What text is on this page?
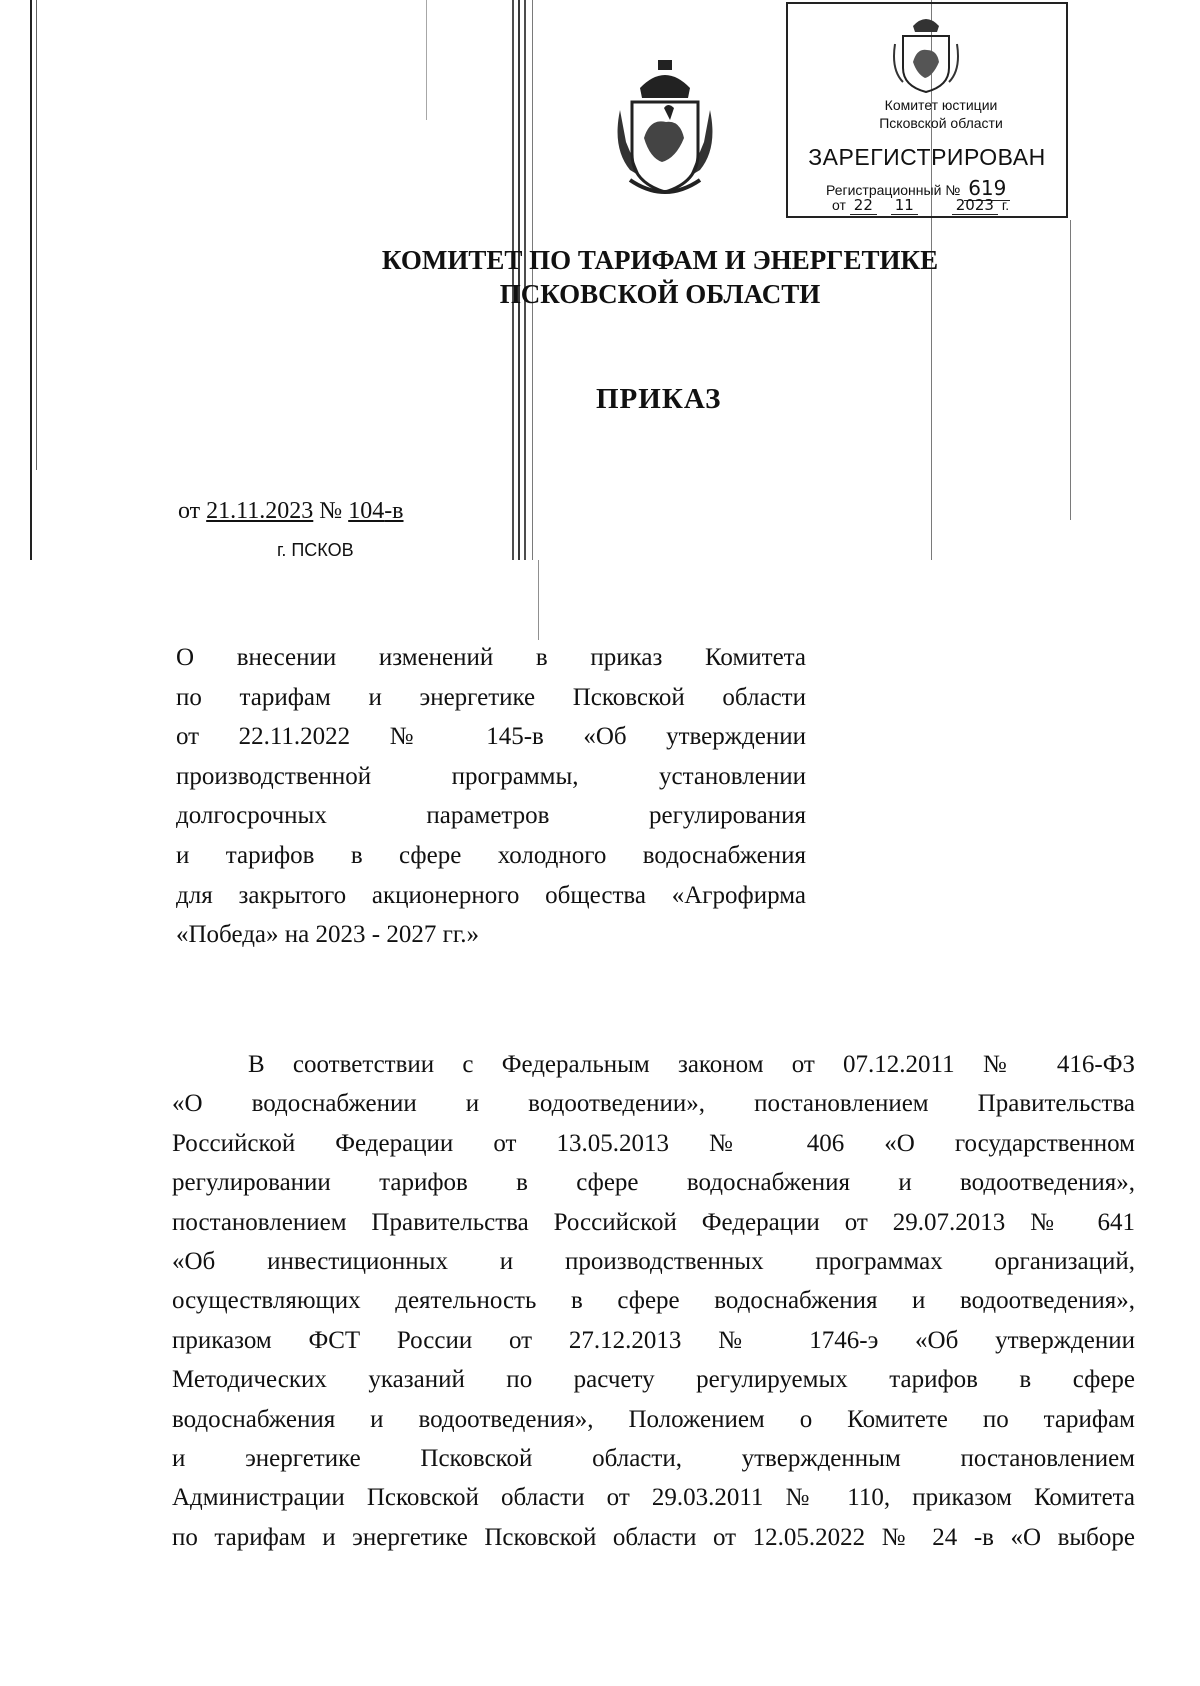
Комитет юстиции
Псковской области
ЗАРЕГИСТРИРОВАН
Регистрационный № 619
от 22 11	2023 г.
КОМИТЕТ ПО ТАРИФАМ И ЭНЕРГЕТИКЕ
ПСКОВСКОЙ ОБЛАСТИ
ПРИКАЗ
от 21.11.2023 № 104-в
г. ПСКОВ
О внесении изменений в приказ Комитета
по тарифам и энергетике Псковской области
от 22.11.2022 № 145-в «Об утверждении
производственной программы, установлении
долгосрочных параметров регулирования
и тарифов в сфере холодного водоснабжения
для закрытого акционерного общества «Агрофирма
«Победа» на 2023 - 2027 гг.»
В соответствии с Федеральным законом от 07.12.2011 № 416-ФЗ
«О водоснабжении и водоотведении», постановлением Правительства
Российской Федерации от 13.05.2013 № 406 «О государственном
регулировании тарифов в сфере водоснабжения и водоотведения»,
постановлением Правительства Российской Федерации от 29.07.2013 № 641
«Об инвестиционных и производственных программах организаций,
осуществляющих деятельность в сфере водоснабжения и водоотведения»,
приказом ФСТ России от 27.12.2013 № 1746-э «Об утверждении
Методических указаний по расчету регулируемых тарифов в сфере
водоснабжения и водоотведения», Положением о Комитете по тарифам
и энергетике Псковской области, утвержденным постановлением
Администрации Псковской области от 29.03.2011 № 110, приказом Комитета
по тарифам и энергетике Псковской области от 12.05.2022 № 24 -в «О выборе
